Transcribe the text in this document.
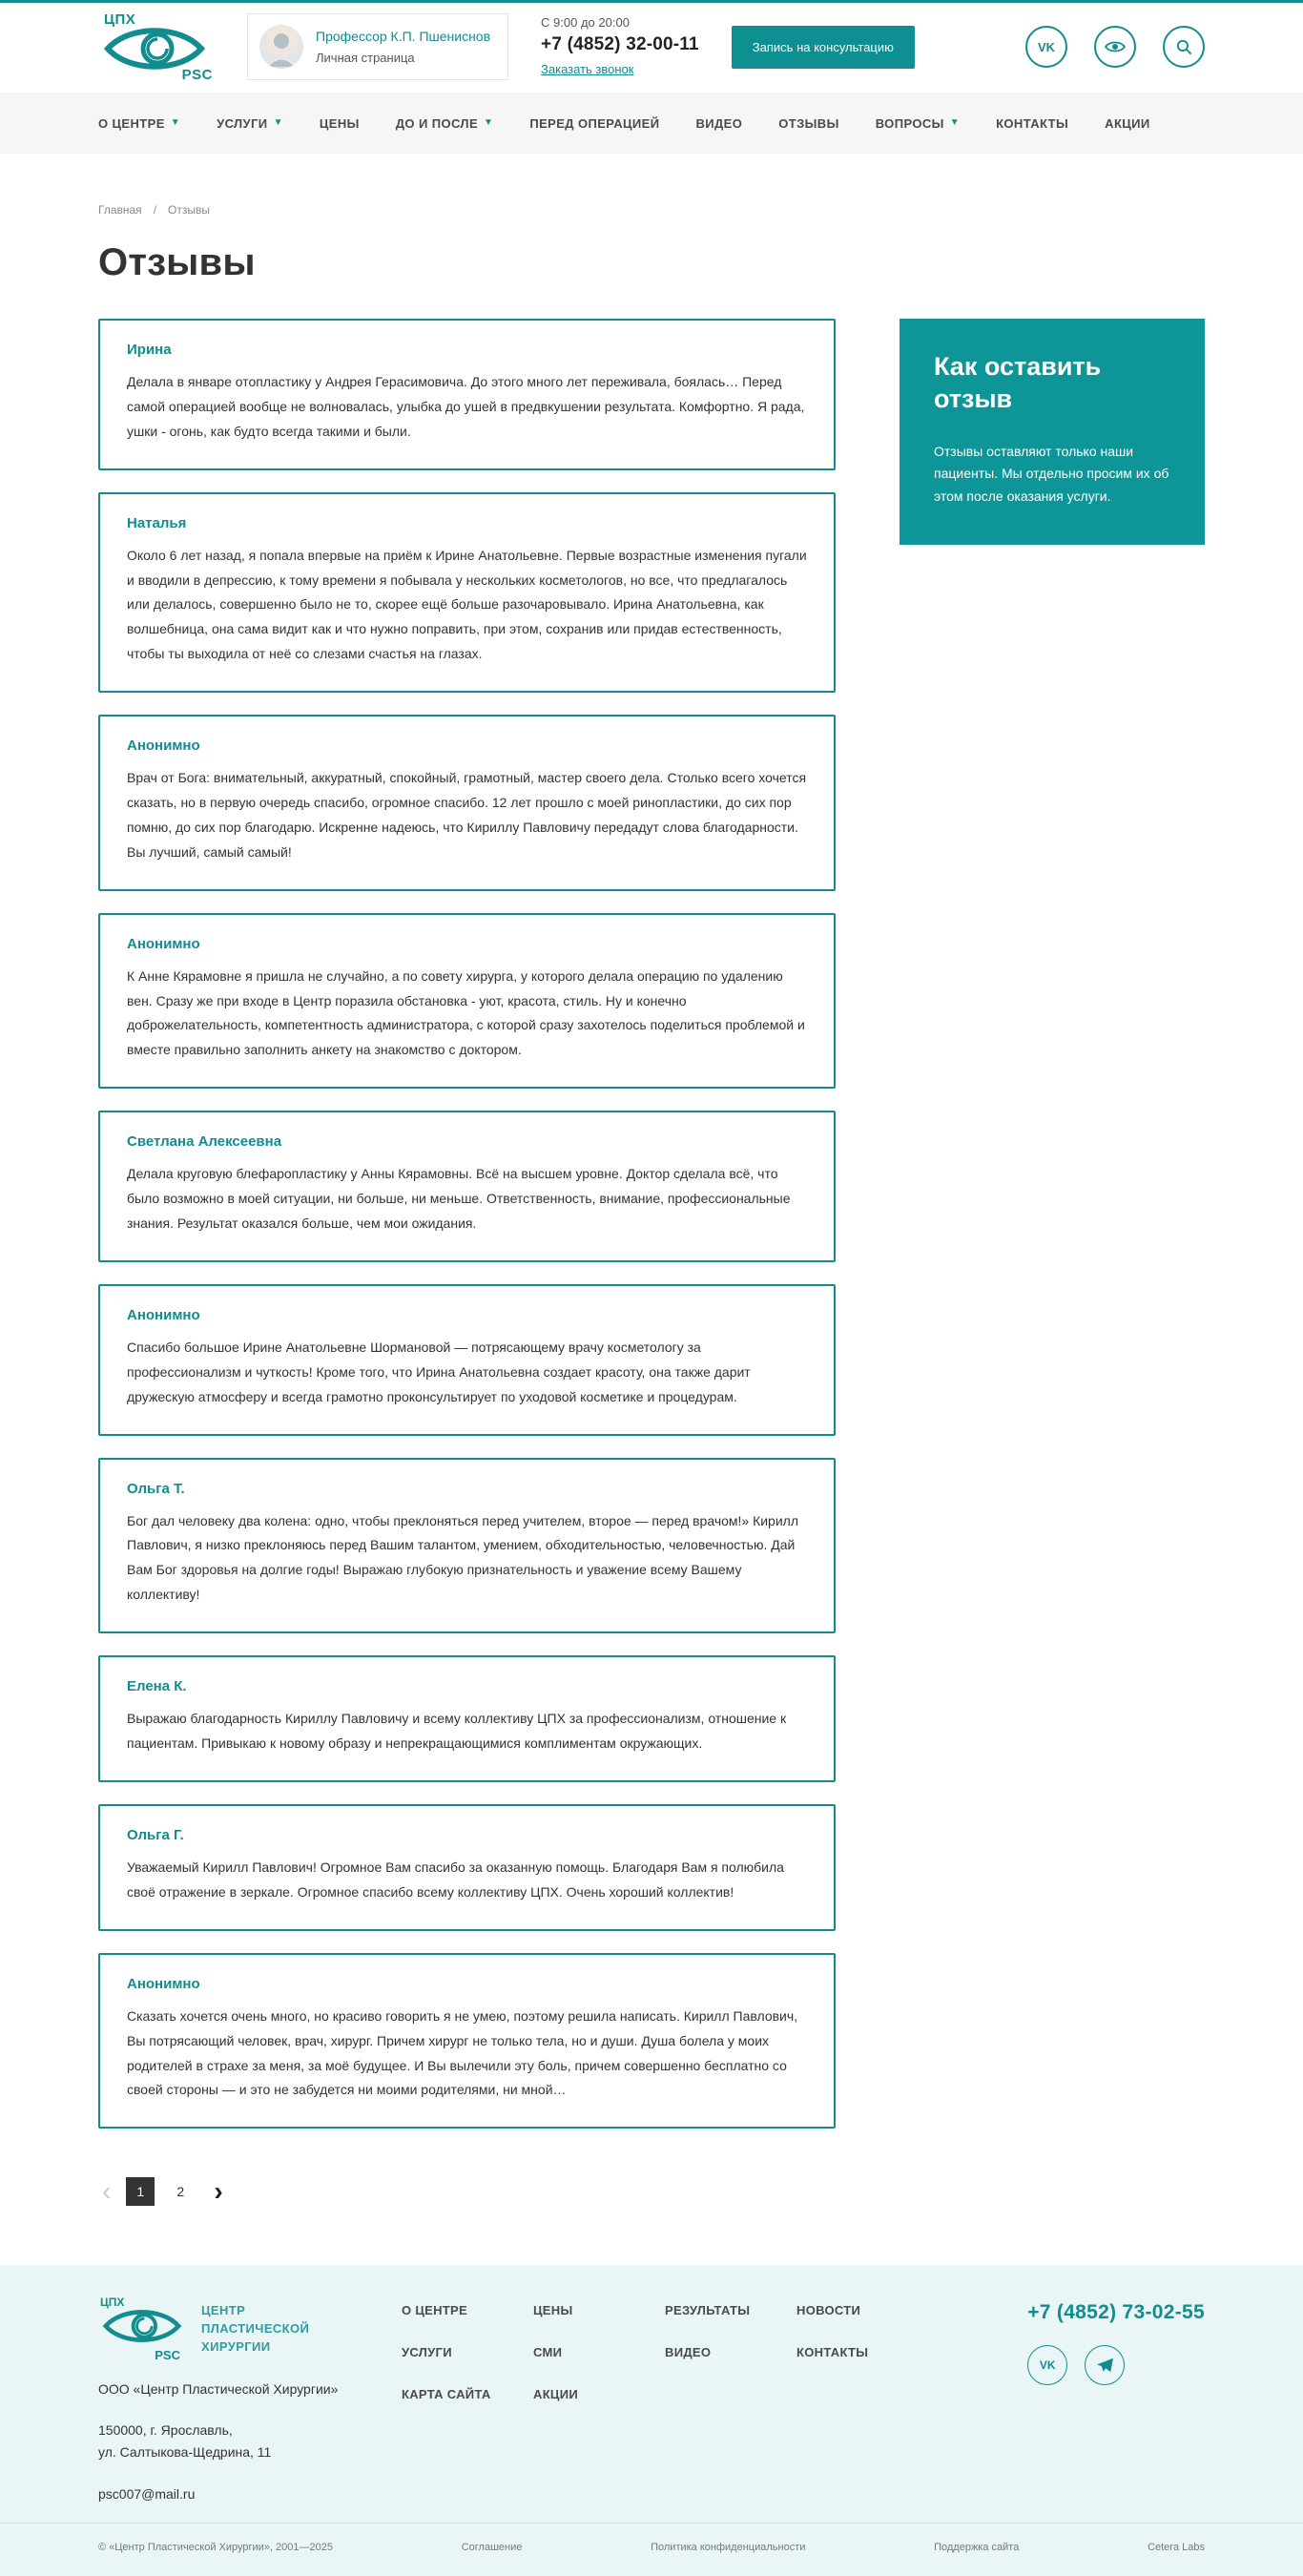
ЦПХ
PSC
Профессор К.П. Пшениснов
Личная страница
С 9:00 до 20:00
+7 (4852) 32-00-11
Заказать звонок
Запись на консультацию	VK
О ЦЕНТРЕ ▼	УСЛУГИ ▼	ЦЕНЫ	ДО И ПОСЛЕ ▼	ПЕРЕД ОПЕРАЦИЕЙ	ВИДЕО	ОТЗЫВЫ	ВОПРОСЫ ▼	КОНТАКТЫ	АКЦИИ
Главная / Отзывы
Отзывы
Ирина

Делала в январе отопластику у Андрея Герасимовича. До этого много лет переживала, боялась… Перед самой операцией вообще не волновалась, улыбка до ушей в предвкушении результата. Комфортно. Я рада, ушки - огонь, как будто всегда такими и были.

Наталья

Около 6 лет назад, я попала впервые на приём к Ирине Анатольевне. Первые возрастные изменения пугали и вводили в депрессию, к тому времени я побывала у нескольких косметологов, но все, что предлагалось или делалось, совершенно было не то, скорее ещё больше разочаровывало. Ирина Анатольевна, как волшебница, она сама видит как и что нужно поправить, при этом, сохранив или придав естественность, чтобы ты выходила от неё со слезами счастья на глазах.

Анонимно

Врач от Бога: внимательный, аккуратный, спокойный, грамотный, мастер своего дела. Столько всего хочется сказать, но в первую очередь спасибо, огромное спасибо. 12 лет прошло с моей ринопластики, до сих пор помню, до сих пор благодарю. Искренне надеюсь, что Кириллу Павловичу передадут слова благодарности. Вы лучший, самый самый!

Анонимно

К Анне Кярамовне я пришла не случайно, а по совету хирурга, у которого делала операцию по удалению вен. Сразу же при входе в Центр поразила обстановка - уют, красота, стиль. Ну и конечно доброжелательность, компетентность администратора, с которой сразу захотелось поделиться проблемой и вместе правильно заполнить анкету на знакомство с доктором.

Светлана Алексеевна

Делала круговую блефаропластику у Анны Кярамовны. Всё на высшем уровне. Доктор сделала всё, что было возможно в моей ситуации, ни больше, ни меньше. Ответственность, внимание, профессиональные знания. Результат оказался больше, чем мои ожидания.

Анонимно

Спасибо большое Ирине Анатольевне Шормановой — потрясающему врачу косметологу за профессионализм и чуткость! Кроме того, что Ирина Анатольевна создает красоту, она также дарит дружескую атмосферу и всегда грамотно проконсультирует по уходовой косметике и процедурам.

Ольга Т.

Бог дал человеку два колена: одно, чтобы преклоняться перед учителем, второе — перед врачом!» Кирилл Павлович, я низко преклоняюсь перед Вашим талантом, умением, обходительностью, человечностью. Дай Вам Бог здоровья на долгие годы! Выражаю глубокую признательность и уважение всему Вашему коллективу!

Елена К.

Выражаю благодарность Кириллу Павловичу и всему коллективу ЦПХ за профессионализм, отношение к пациентам. Привыкаю к новому образу и непрекращающимися комплиментам окружающих.

Ольга Г.

Уважаемый Кирилл Павлович! Огромное Вам спасибо за оказанную помощь. Благодаря Вам я полюбила своё отражение в зеркале. Огромное спасибо всему коллективу ЦПХ. Очень хороший коллектив!

Анонимно

Сказать хочется очень много, но красиво говорить я не умею, поэтому решила написать. Кирилл Павлович, Вы потрясающий человек, врач, хирург. Причем хирург не только тела, но и души. Душа болела у моих родителей в страхе за меня, за моё будущее. И Вы вылечили эту боль, причем совершенно бесплатно со своей стороны — и это не забудется ни моими родителями, ни мной…

Как оставить отзыв

Отзывы оставляют только наши пациенты. Мы отдельно просим их об этом после оказания услуги.

‹	1	2	›
ЦПХ
PSC
ЦЕНТР ПЛАСТИЧЕСКОЙ ХИРУРГИИ
ООО «Центр Пластической Хирургии»
150000, г. Ярославль,
ул. Салтыкова-Щедрина, 11
psc007@mail.ru
О ЦЕНТРЕ
УСЛУГИ
КАРТА САЙТА
ЦЕНЫ
СМИ
АКЦИИ
РЕЗУЛЬТАТЫ
ВИДЕО
НОВОСТИ
КОНТАКТЫ
+7 (4852) 73-02-55
VK
© «Центр Пластической Хирургии», 2001—2025	Соглашение	Политика конфиденциальности	Поддержка сайта	Cetera Labs
